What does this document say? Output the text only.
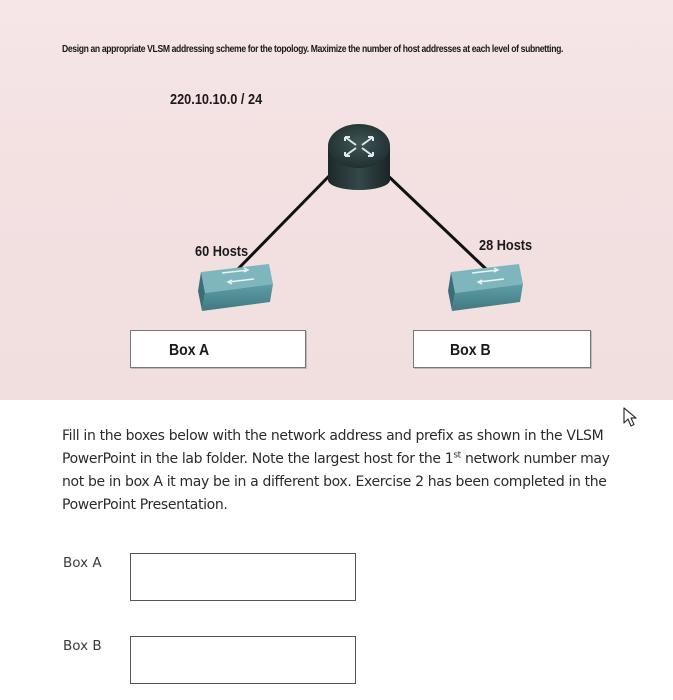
Design an appropriate VLSM addressing scheme for the topology. Maximize the number of host addresses at each level of subnetting.
220.10.10.0 / 24
60 Hosts	28 Hosts
Box A	Box B
Fill in the boxes below with the network address and prefix as shown in the VLSM PowerPoint in the lab folder. Note the largest host for the 1st network number may not be in box A it may be in a different box. Exercise 2 has been completed in the PowerPoint Presentation.
Box A
Box B
